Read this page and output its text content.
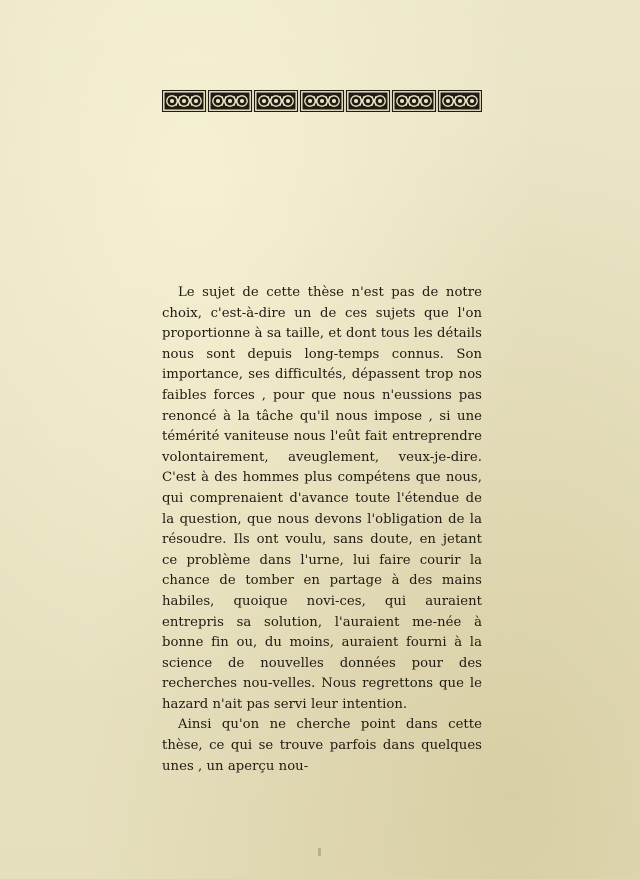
Le sujet de cette thèse n'est pas de notre choix, c'est-à-dire un de ces sujets que l'on proportionne à sa taille, et dont tous les détails nous sont depuis long-temps connus. Son importance, ses difficultés, dépassent trop nos faibles forces , pour que nous n'eussions pas renoncé à la tâche qu'il nous impose , si une témérité vaniteuse nous l'eût fait entreprendre volontairement, aveuglement, veux-je-dire. C'est à des hommes plus compétens que nous, qui comprenaient d'avance toute l'étendue de la question, que nous devons l'obligation de la résoudre. Ils ont voulu, sans doute, en jetant ce problème dans l'urne, lui faire courir la chance de tomber en partage à des mains habiles, quoique novi-ces, qui auraient entrepris sa solution, l'auraient me-née à bonne fin ou, du moins, auraient fourni à la science de nouvelles données pour des recherches nou-velles. Nous regrettons que le hazard n'ait pas servi leur intention.

Ainsi qu'on ne cherche point dans cette thèse, ce qui se trouve parfois dans quelques unes , un aperçu nou-
